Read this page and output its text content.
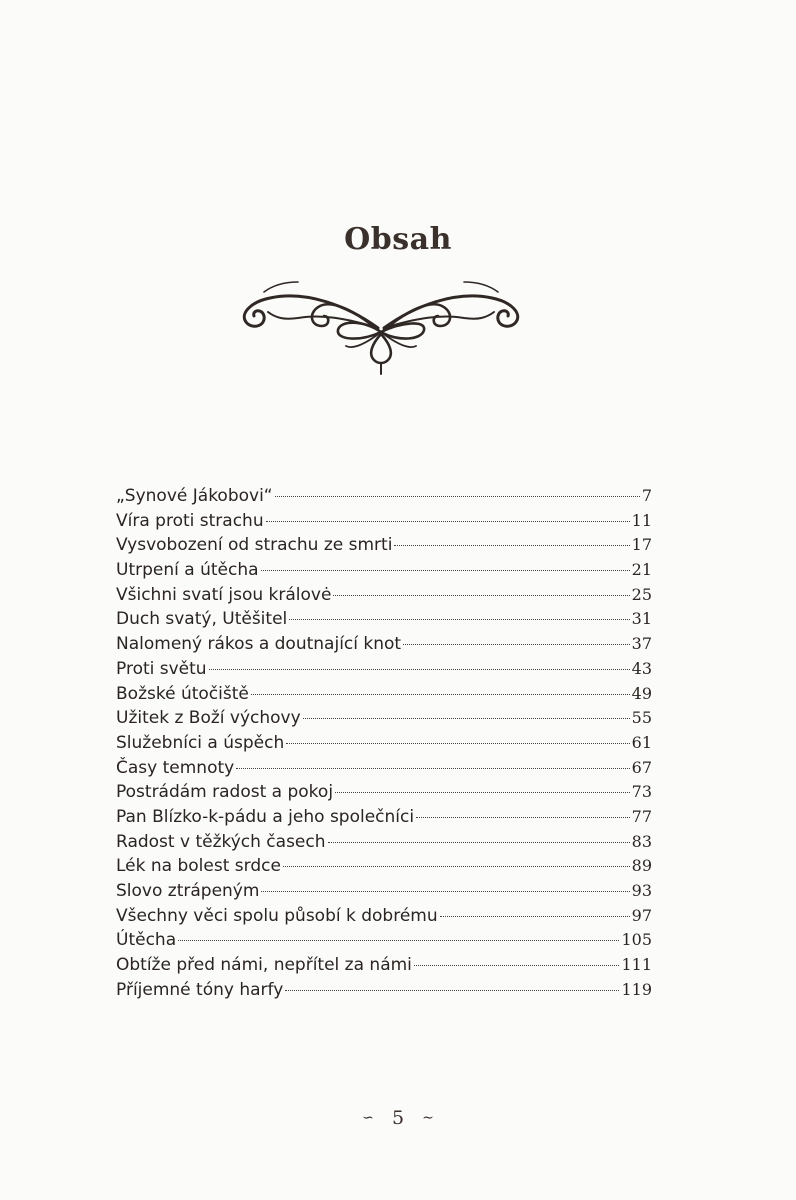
Obsah
„Synové Jákobovi“	7
Víra proti strachu	11
Vysvobození od strachu ze smrti	17
Utrpení a útěcha	21
Všichni svatí jsou královė	25
Duch svatý, Utěšitel	31
Nalomený rákos a doutnající knot	37
Proti světu	43
Božské útočiště	49
Užitek z Boží výchovy	55
Služebníci a úspěch	61
Časy temnoty	67
Postrádám radost a pokoj	73
Pan Blízko-k-pádu a jeho společníci	77
Radost v těžkých časech	83
Lék na bolest srdce	89
Slovo ztrápeným	93
Všechny věci spolu působí k dobrému	97
Útěcha	105
Obtíže před námi, nepřítel za námi	111
Příjemné tóny harfy	119
∽ 5 ∼
